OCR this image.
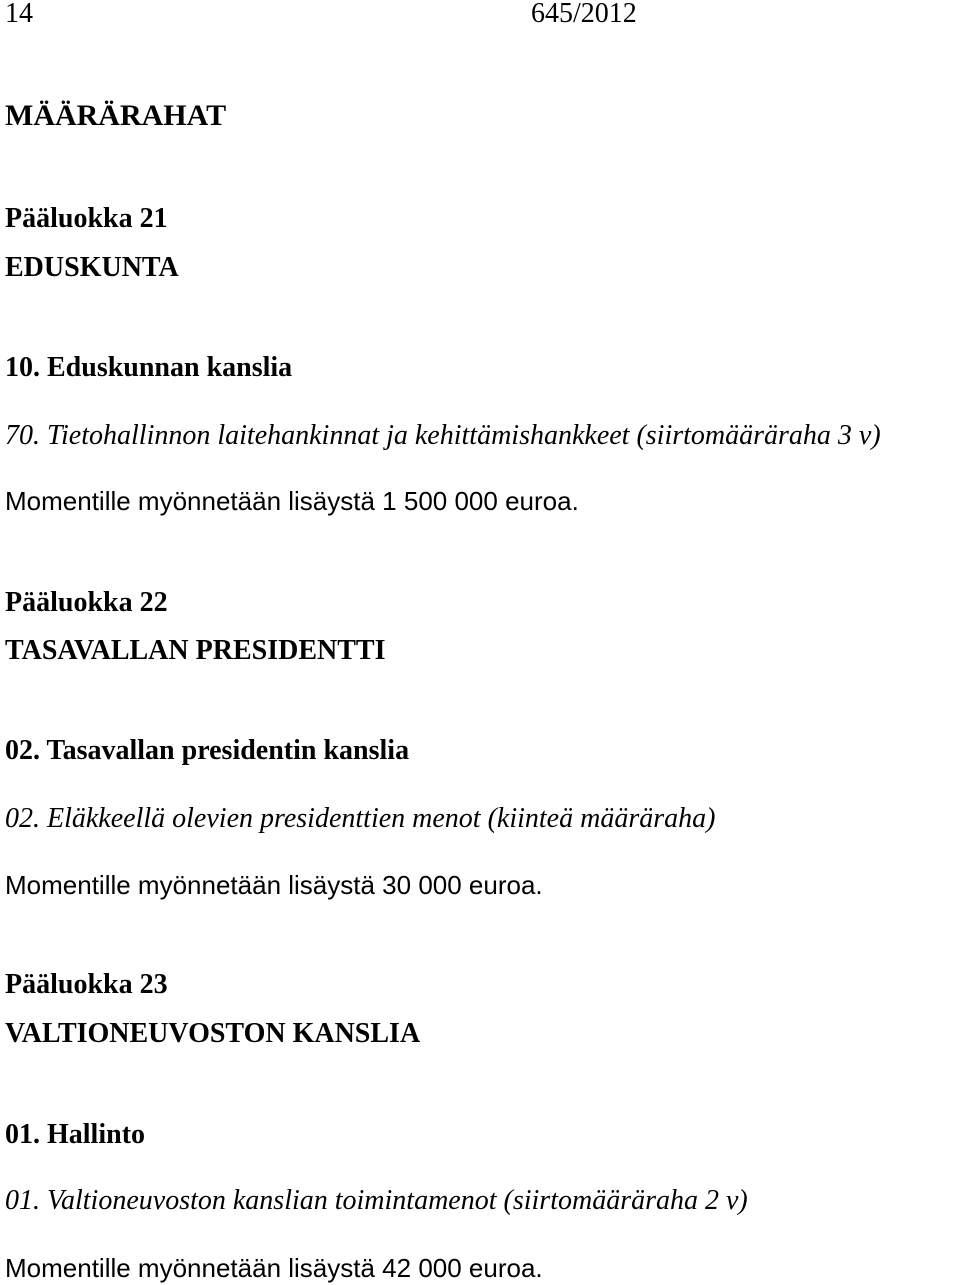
14	645/2012
MÄÄRÄRAHAT
Pääluokka 21
EDUSKUNTA
10. Eduskunnan kanslia
70. Tietohallinnon laitehankinnat ja kehittämishankkeet (siirtomääräraha 3 v)
Momentille myönnetään lisäystä 1 500 000 euroa.
Pääluokka 22
TASAVALLAN PRESIDENTTI
02. Tasavallan presidentin kanslia
02. Eläkkeellä olevien presidenttien menot (kiinteä määräraha)
Momentille myönnetään lisäystä 30 000 euroa.
Pääluokka 23
VALTIONEUVOSTON KANSLIA
01. Hallinto
01. Valtioneuvoston kanslian toimintamenot (siirtomääräraha 2 v)
Momentille myönnetään lisäystä 42 000 euroa.
